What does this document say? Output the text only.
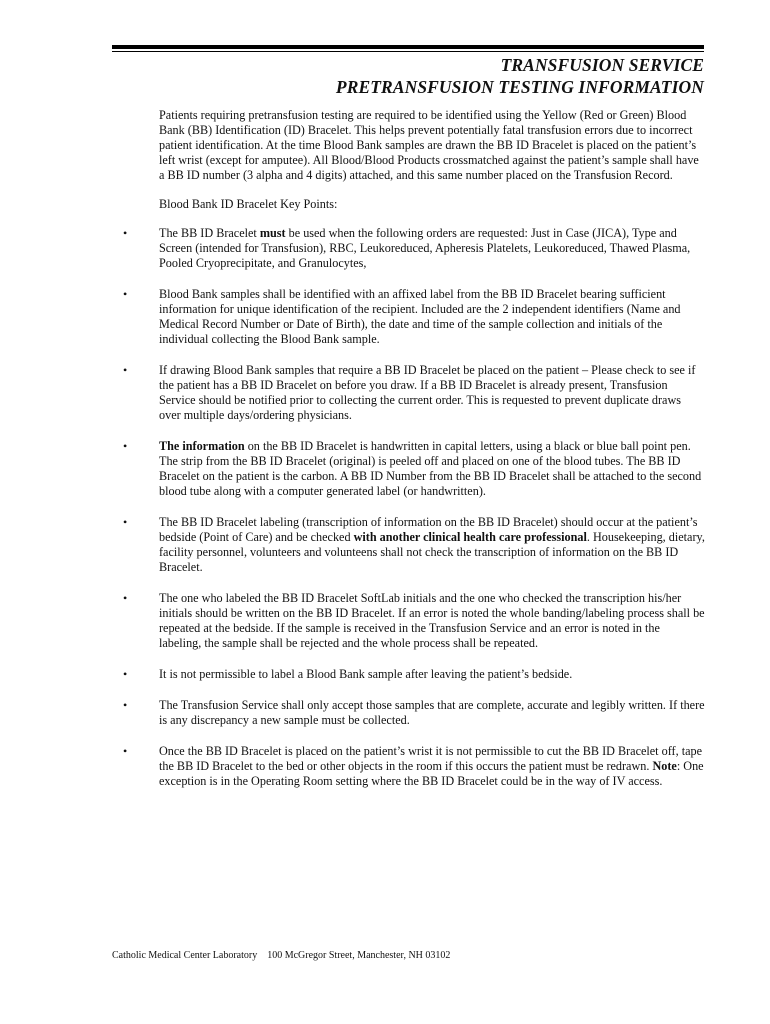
TRANSFUSION SERVICE
PRETRANSFUSION TESTING INFORMATION

Patients requiring pretransfusion testing are required to be identified using the Yellow (Red or Green) Blood Bank (BB) Identification (ID) Bracelet. This helps prevent potentially fatal transfusion errors due to incorrect patient identification. At the time Blood Bank samples are drawn the BB ID Bracelet is placed on the patient’s left wrist (except for amputee). All Blood/Blood Products crossmatched against the patient’s sample shall have a BB ID number (3 alpha and 4 digits) attached, and this same number placed on the Transfusion Record.

Blood Bank ID Bracelet Key Points:

•	The BB ID Bracelet must be used when the following orders are requested: Just in Case (JICA), Type and Screen (intended for Transfusion), RBC, Leukoreduced, Apheresis Platelets, Leukoreduced, Thawed Plasma, Pooled Cryoprecipitate, and Granulocytes,
•	Blood Bank samples shall be identified with an affixed label from the BB ID Bracelet bearing sufficient information for unique identification of the recipient. Included are the 2 independent identifiers (Name and Medical Record Number or Date of Birth), the date and time of the sample collection and initials of the individual collecting the Blood Bank sample.
•	If drawing Blood Bank samples that require a BB ID Bracelet be placed on the patient – Please check to see if the patient has a BB ID Bracelet on before you draw. If a BB ID Bracelet is already present, Transfusion Service should be notified prior to collecting the current order. This is requested to prevent duplicate draws over multiple days/ordering physicians.
•	The information on the BB ID Bracelet is handwritten in capital letters, using a black or blue ball point pen. The strip from the BB ID Bracelet (original) is peeled off and placed on one of the blood tubes. The BB ID Bracelet on the patient is the carbon. A BB ID Number from the BB ID Bracelet shall be attached to the second blood tube along with a computer generated label (or handwritten).
•	The BB ID Bracelet labeling (transcription of information on the BB ID Bracelet) should occur at the patient’s bedside (Point of Care) and be checked with another clinical health care professional. Housekeeping, dietary, facility personnel, volunteers and volunteens shall not check the transcription of information on the BB ID Bracelet.
•	The one who labeled the BB ID Bracelet SoftLab initials and the one who checked the transcription his/her initials should be written on the BB ID Bracelet. If an error is noted the whole banding/labeling process shall be repeated at the bedside. If the sample is received in the Transfusion Service and an error is noted in the labeling, the sample shall be rejected and the whole process shall be repeated.
•	It is not permissible to label a Blood Bank sample after leaving the patient’s bedside.
•	The Transfusion Service shall only accept those samples that are complete, accurate and legibly written. If there is any discrepancy a new sample must be collected.
•	Once the BB ID Bracelet is placed on the patient’s wrist it is not permissible to cut the BB ID Bracelet off, tape the BB ID Bracelet to the bed or other objects in the room if this occurs the patient must be redrawn. Note: One exception is in the Operating Room setting where the BB ID Bracelet could be in the way of IV access.
Catholic Medical Center Laboratory    100 McGregor Street, Manchester, NH 03102
